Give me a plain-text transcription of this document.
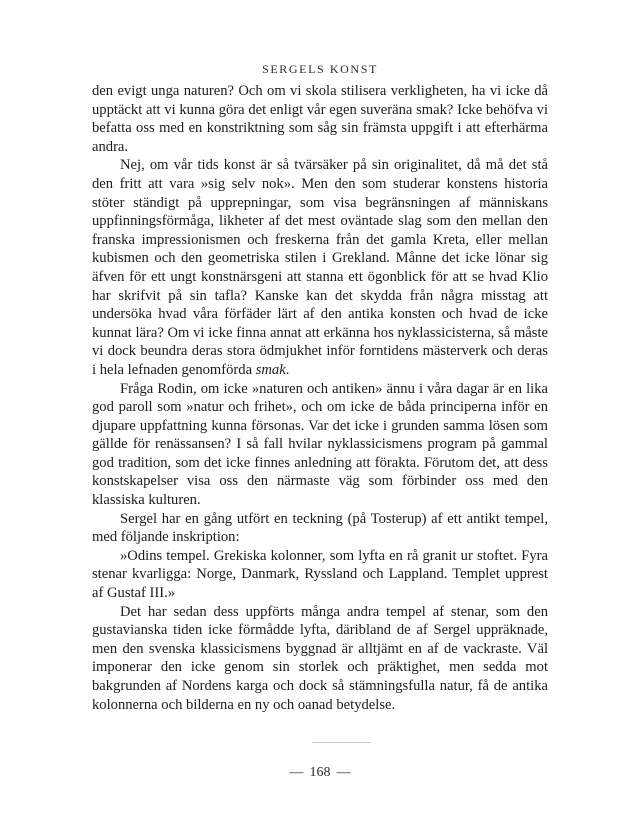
SERGELS KONST

den evigt unga naturen? Och om vi skola stilisera verkligheten, ha vi icke då upptäckt att vi kunna göra det enligt vår egen suveräna smak? Icke behöfva vi befatta oss med en konstriktning som såg sin främsta uppgift i att efterhärma andra.

Nej, om vår tids konst är så tvärsäker på sin originalitet, då må det stå den fritt att vara »sig selv nok». Men den som studerar konstens historia stöter ständigt på upprepningar, som visa begränsningen af människans uppfinningsförmåga, likheter af det mest oväntade slag som den mellan den franska impressionismen och freskerna från det gamla Kreta, eller mellan kubismen och den geometriska stilen i Grekland. Månne det icke lönar sig äfven för ett ungt konstnärsgeni att stanna ett ögonblick för att se hvad Klio har skrifvit på sin tafla? Kanske kan det skydda från några misstag att undersöka hvad våra förfäder lärt af den antika konsten och hvad de icke kunnat lära? Om vi icke finna annat att erkänna hos nyklassicisterna, så måste vi dock beundra deras stora ödmjukhet inför forntidens mästerverk och deras i hela lefnaden genomförda smak.

Fråga Rodin, om icke »naturen och antiken» ännu i våra dagar är en lika god paroll som »natur och frihet», och om icke de båda principerna inför en djupare uppfattning kunna försonas. Var det icke i grunden samma lösen som gällde för renässansen? I så fall hvilar nyklassicismens program på gammal god tradition, som det icke finnes anledning att förakta. Förutom det, att dess konstskapelser visa oss den närmaste väg som förbinder oss med den klassiska kulturen.

Sergel har en gång utfört en teckning (på Tosterup) af ett antikt tempel, med följande inskription:

»Odins tempel. Grekiska kolonner, som lyfta en rå granit ur stoftet. Fyra stenar kvarligga: Norge, Danmark, Ryssland och Lappland. Templet upprest af Gustaf III.»

Det har sedan dess uppförts många andra tempel af stenar, som den gustavianska tiden icke förmådde lyfta, däribland de af Sergel uppräknade, men den svenska klassicismens byggnad är alltjämt en af de vackraste. Väl imponerar den icke genom sin storlek och präktighet, men sedda mot bakgrunden af Nordens karga och dock så stämningsfulla natur, få de antika kolonnerna och bilderna en ny och oanad betydelse.

— 168 —
